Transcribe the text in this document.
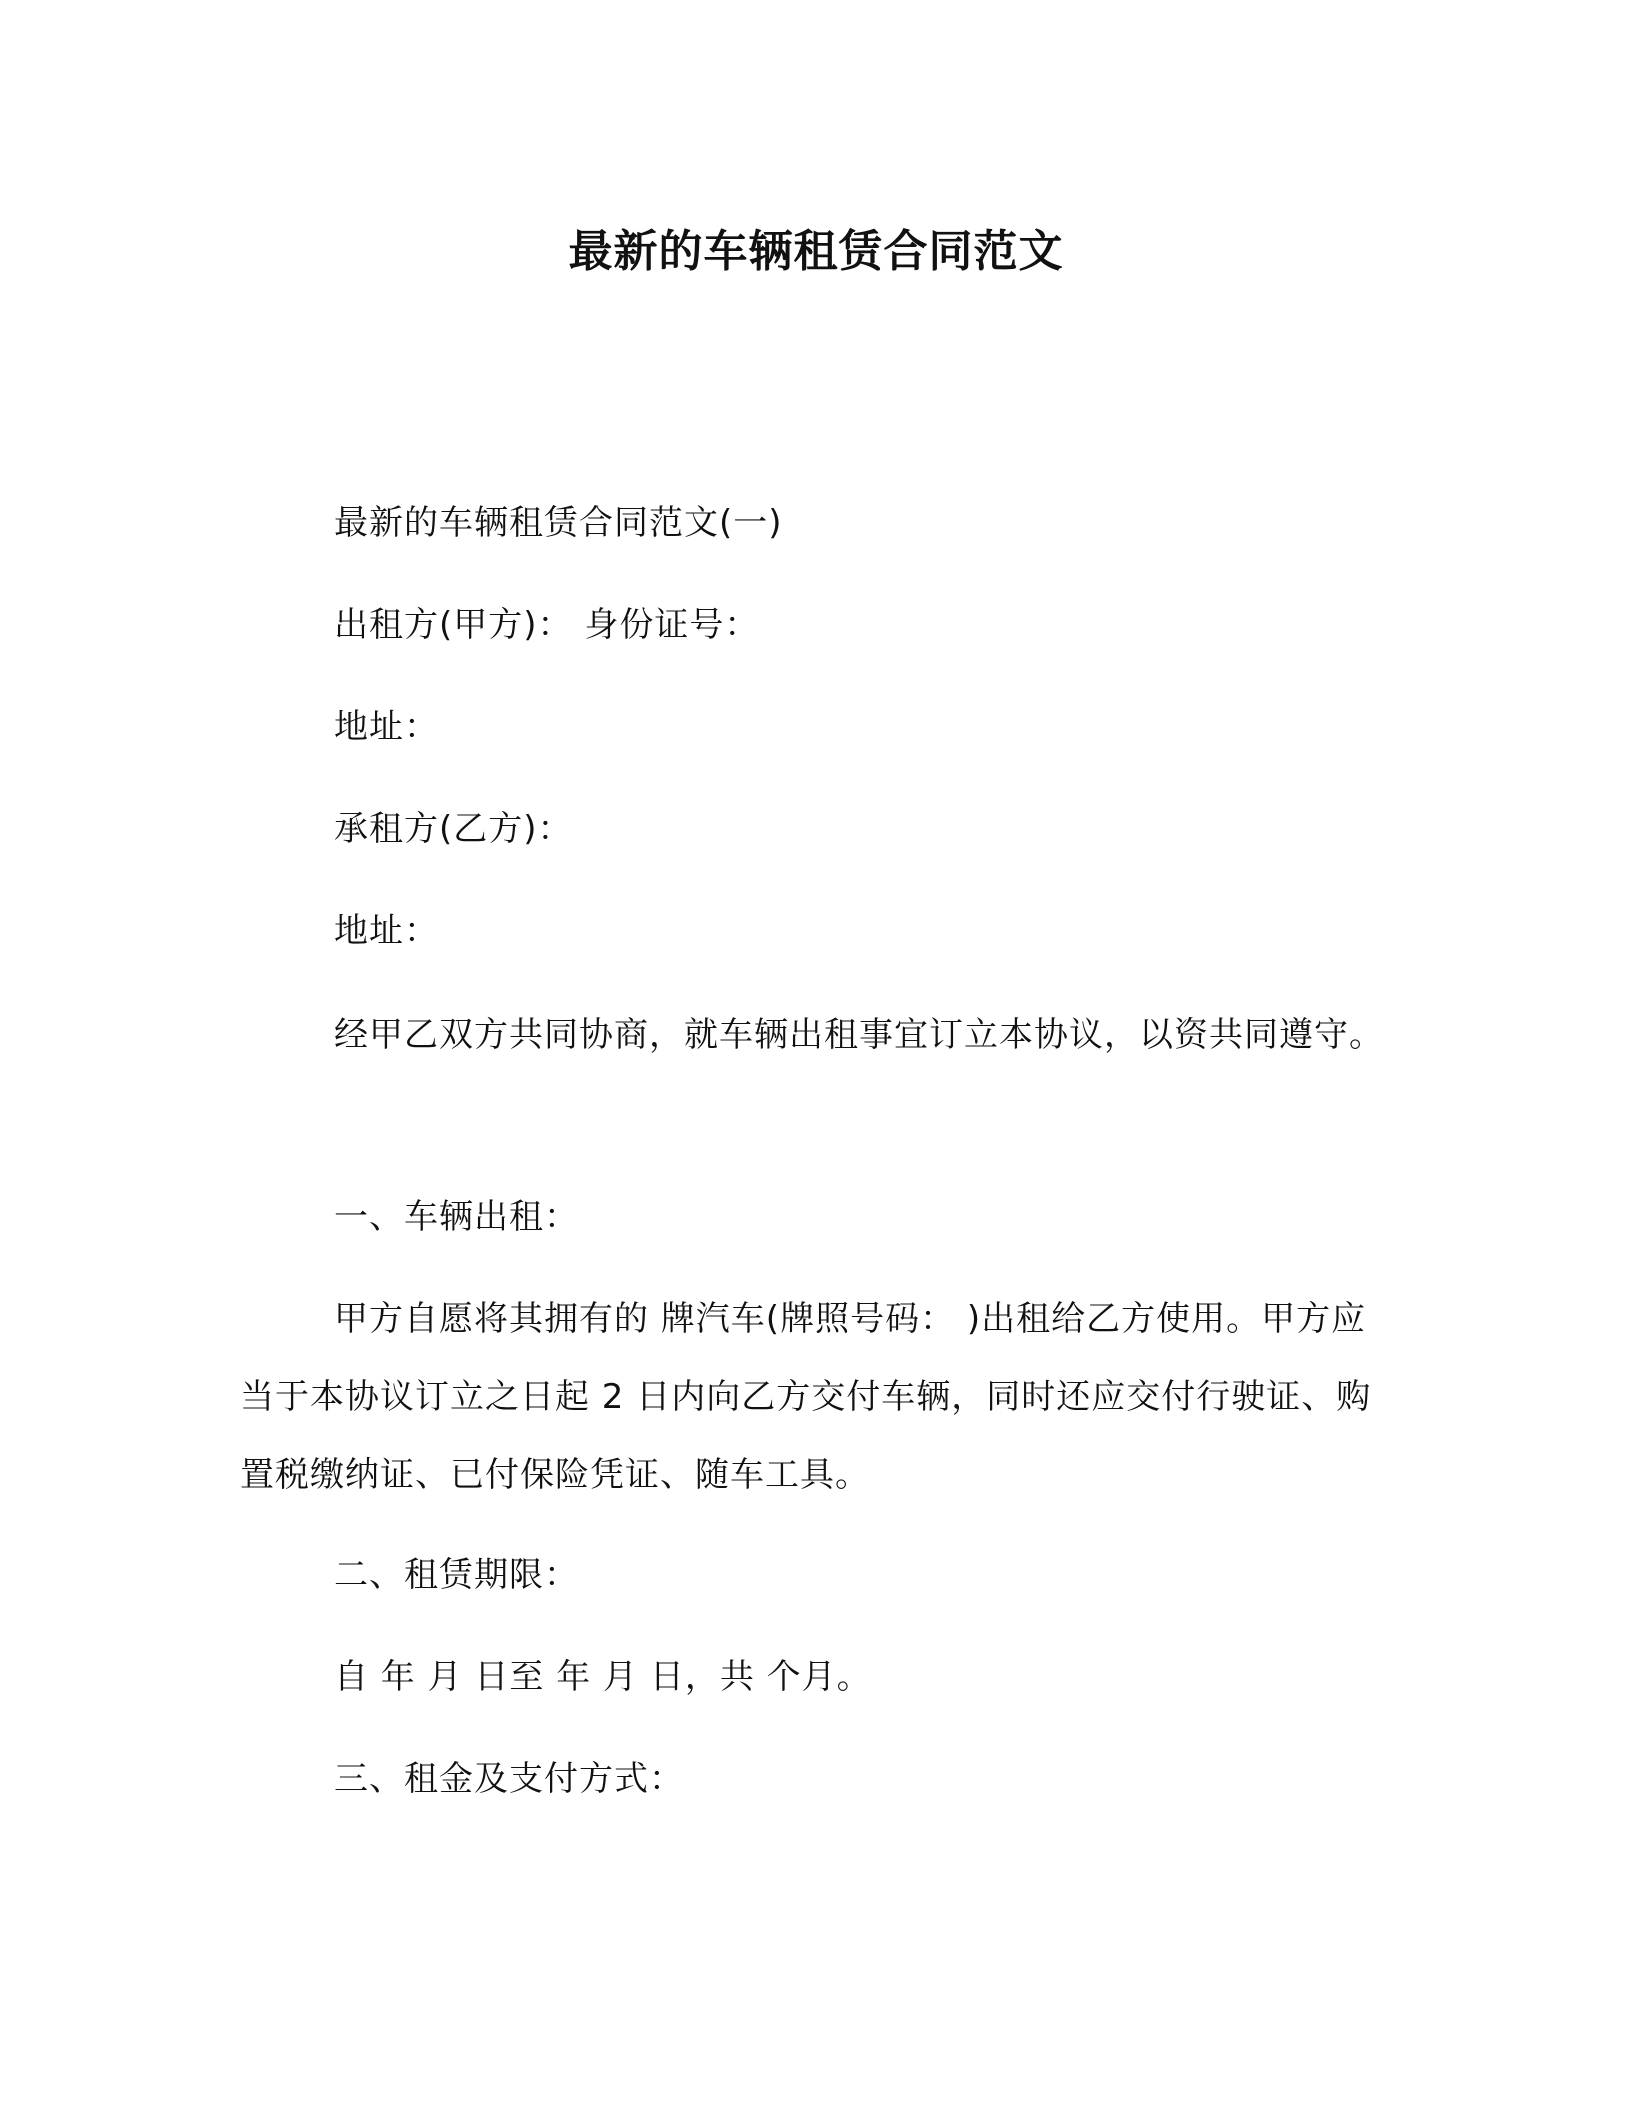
最新的车辆租赁合同范文
最新的车辆租赁合同范文(一)
出租方(甲方)： 身份证号：
地址：
承租方(乙方)：
地址：
经甲乙双方共同协商，就车辆出租事宜订立本协议，以资共同遵守。
一、车辆出租：
甲方自愿将其拥有的 牌汽车(牌照号码： )出租给乙方使用。甲方应当于本协议订立之日起 2 日内向乙方交付车辆，同时还应交付行驶证、购置税缴纳证、已付保险凭证、随车工具。
二、租赁期限：
自 年 月 日至 年 月 日，共 个月。
三、租金及支付方式：
